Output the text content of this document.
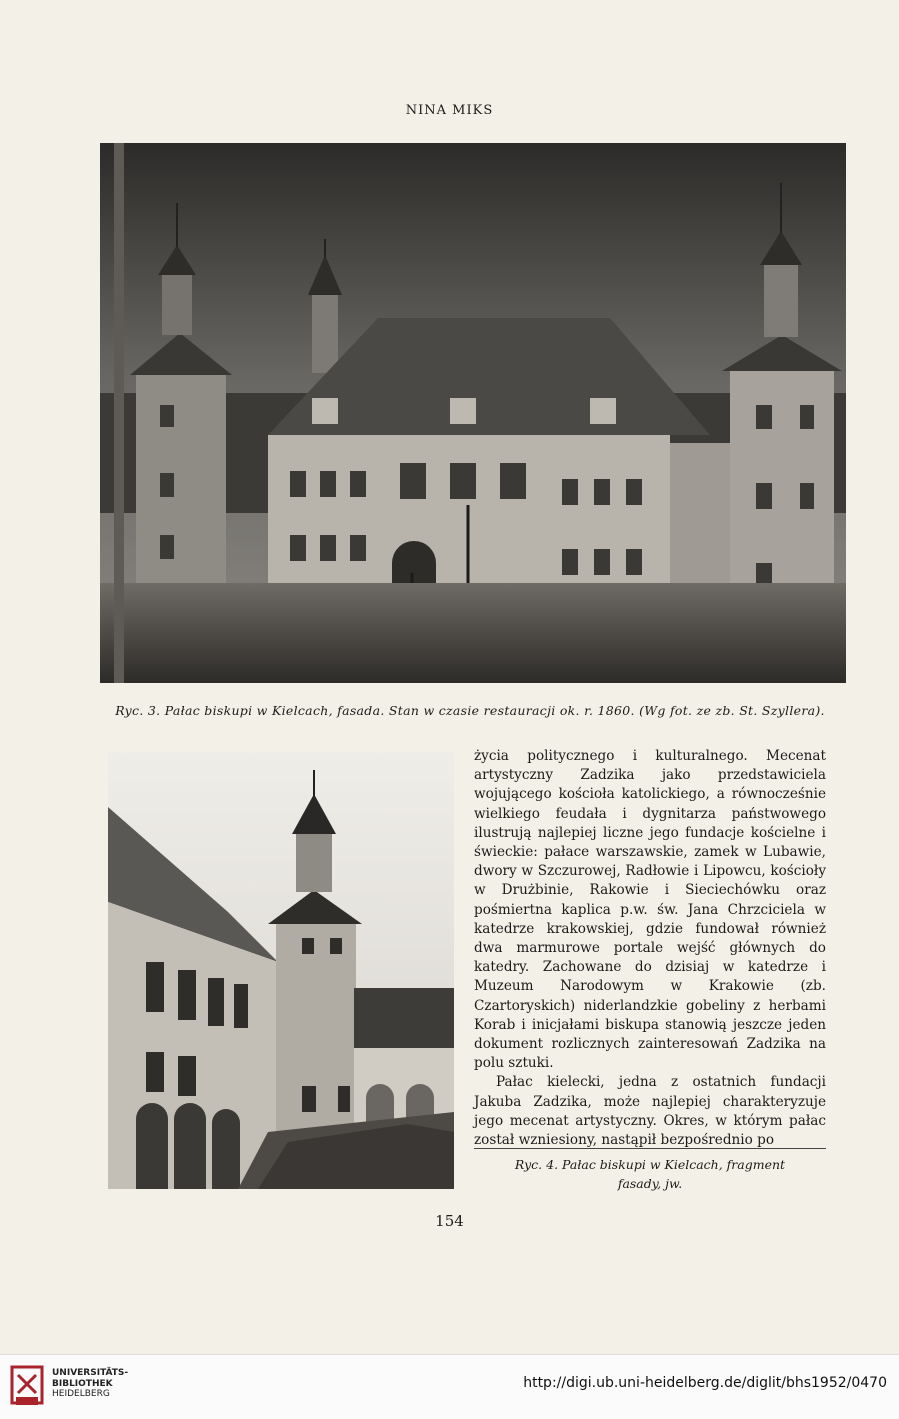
NINA MIKS
Ryc. 3. Pałac biskupi w Kielcach, fasada. Stan w czasie restauracji ok. r. 1860. (Wg fot. ze zb. St. Szyllera).

życia politycznego i kulturalnego. Mecenat artystyczny Zadzika jako przedstawiciela wojującego kościoła katolickiego, a równocześnie wielkiego feudała i dygnitarza państwowego ilustrują najlepiej liczne jego fundacje kościelne i świeckie: pałace warszawskie, zamek w Lubawie, dwory w Szczurowej, Radłowie i Lipowcu, kościoły w Drużbinie, Rakowie i Sieciechówku oraz pośmiertna kaplica p.w. św. Jana Chrzciciela w katedrze krakowskiej, gdzie fundował również dwa marmurowe portale wejść głównych do katedry. Zachowane do dzisiaj w katedrze i Muzeum Narodowym w Krakowie (zb. Czartoryskich) niderlandzkie gobeliny z herbami Korab i inicjałami biskupa stanowią jeszcze jeden dokument rozlicznych zainteresowań Zadzika na polu sztuki.

Pałac kielecki, jedna z ostatnich fundacji Jakuba Zadzika, może najlepiej charakteryzuje jego mecenat artystyczny. Okres, w którym pałac został wzniesiony, nastąpił bezpośrednio po

Ryc. 4. Pałac biskupi w Kielcach, fragment
fasady, jw.
154
UNIVERSITÄTS-
BIBLIOTHEK
HEIDELBERG
http://digi.ub.uni-heidelberg.de/diglit/bhs1952/0470
